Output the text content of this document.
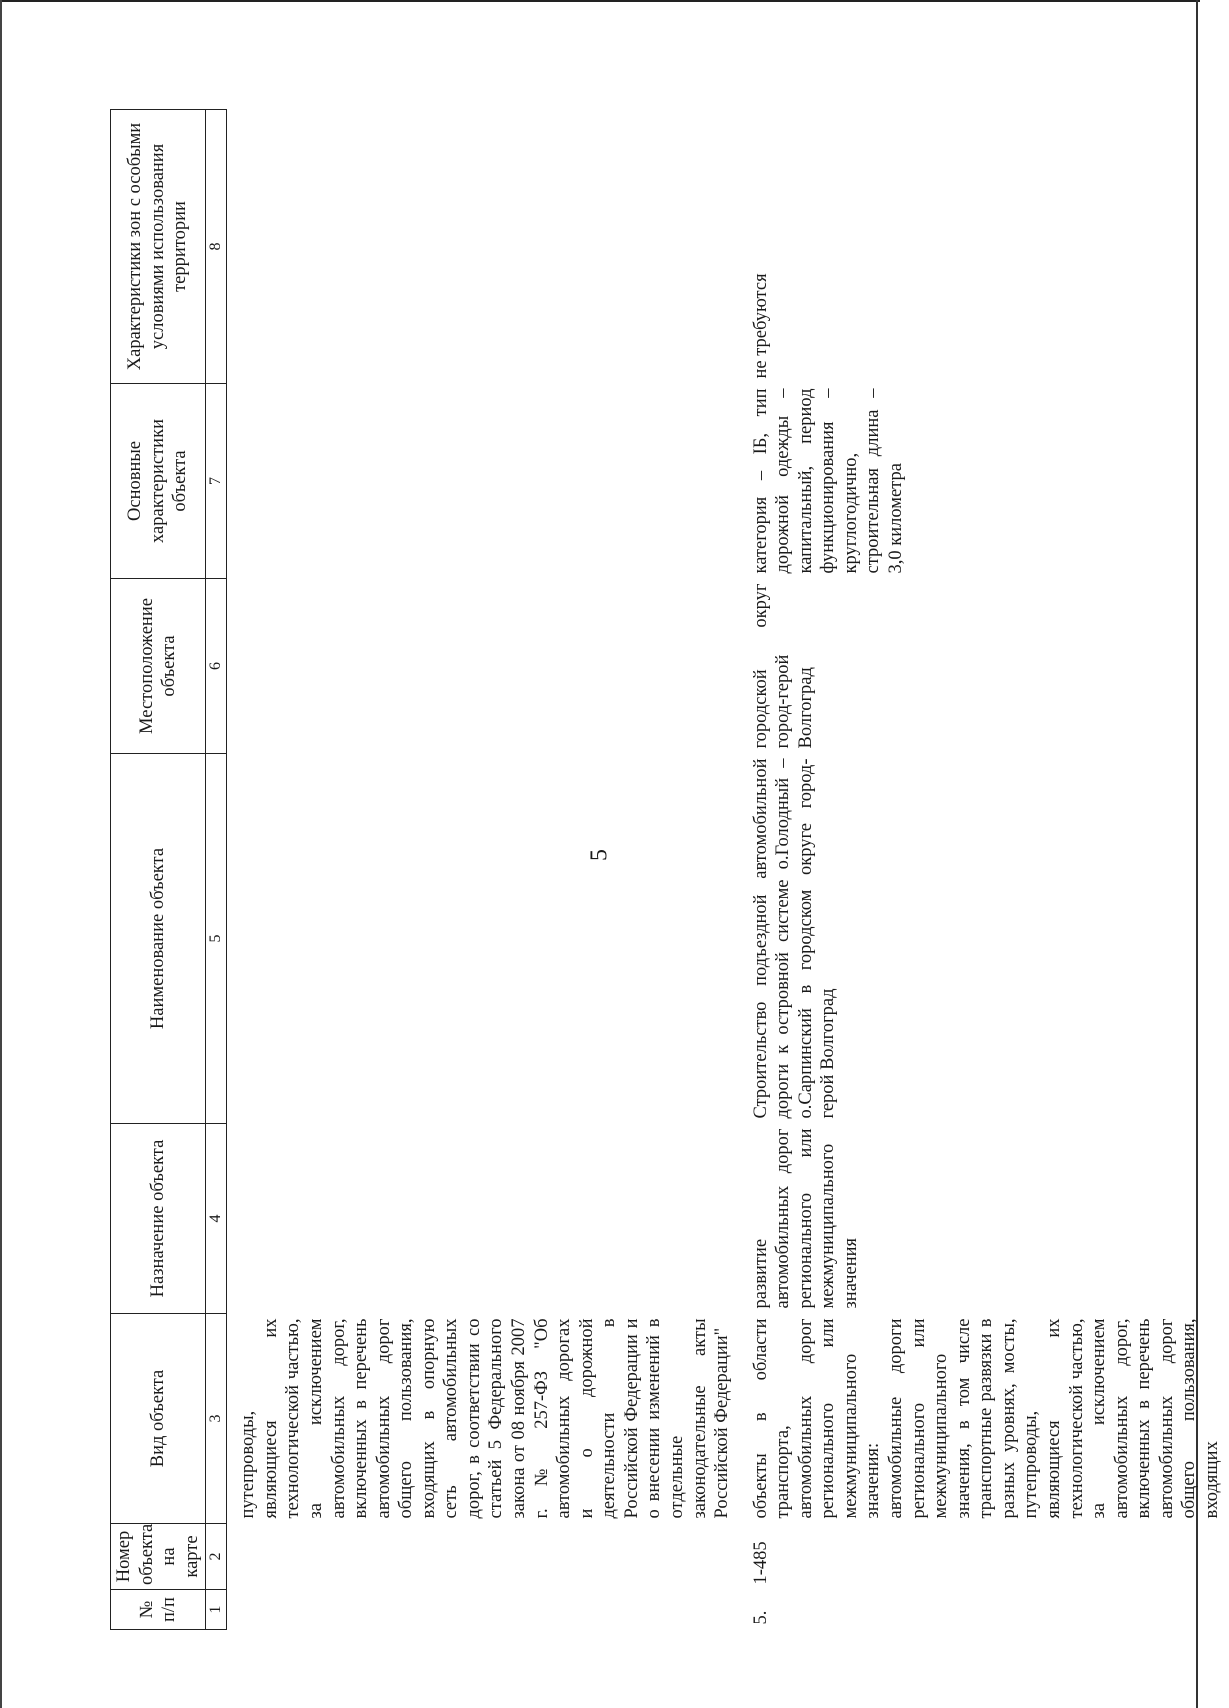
5
№ п/п	Номер объекта на карте	Вид объекта	Назначение объекта	Наименование объекта	Местоположение объекта	Основные характеристики объекта	Характеристики зон с особыми условиями использования территории
1	2	3	4	5	6	7	8
		путепроводы, являющиеся их технологической частью, за исключением автомобильных дорог, включенных в перечень автомобильных дорог общего пользования, входящих в опорную сеть автомобильных дорог, в соответствии со статьей 5 Федерального закона от 08 ноября 2007 г. № 257-ФЗ "Об автомобильных дорогах и о дорожной деятельности в Российской Федерации и о внесении изменений в отдельные законодательные акты Российской Федерации"					
5.	1-485	объекты в области транспорта, автомобильных дорог регионального или межмуниципального значения: автомобильные дороги регионального или межмуниципального значения, в том числе транспортные развязки в разных уровнях, мосты, путепроводы, являющиеся их технологической частью, за исключением автомобильных дорог, включенных в перечень автомобильных дорог общего пользования, входящих	развитие автомобильных дорог регионального или межмуниципального значения	Строительство подъездной автомобильной дороги к островной системе о.Голодный – о.Сарпинский в городском округе город-герой Волгоград	городской округ город-герой Волгоград	категория – IБ, тип дорожной одежды – капитальный, период функционирования – круглогодично, строительная длина – 3,0 километра	не требуются
